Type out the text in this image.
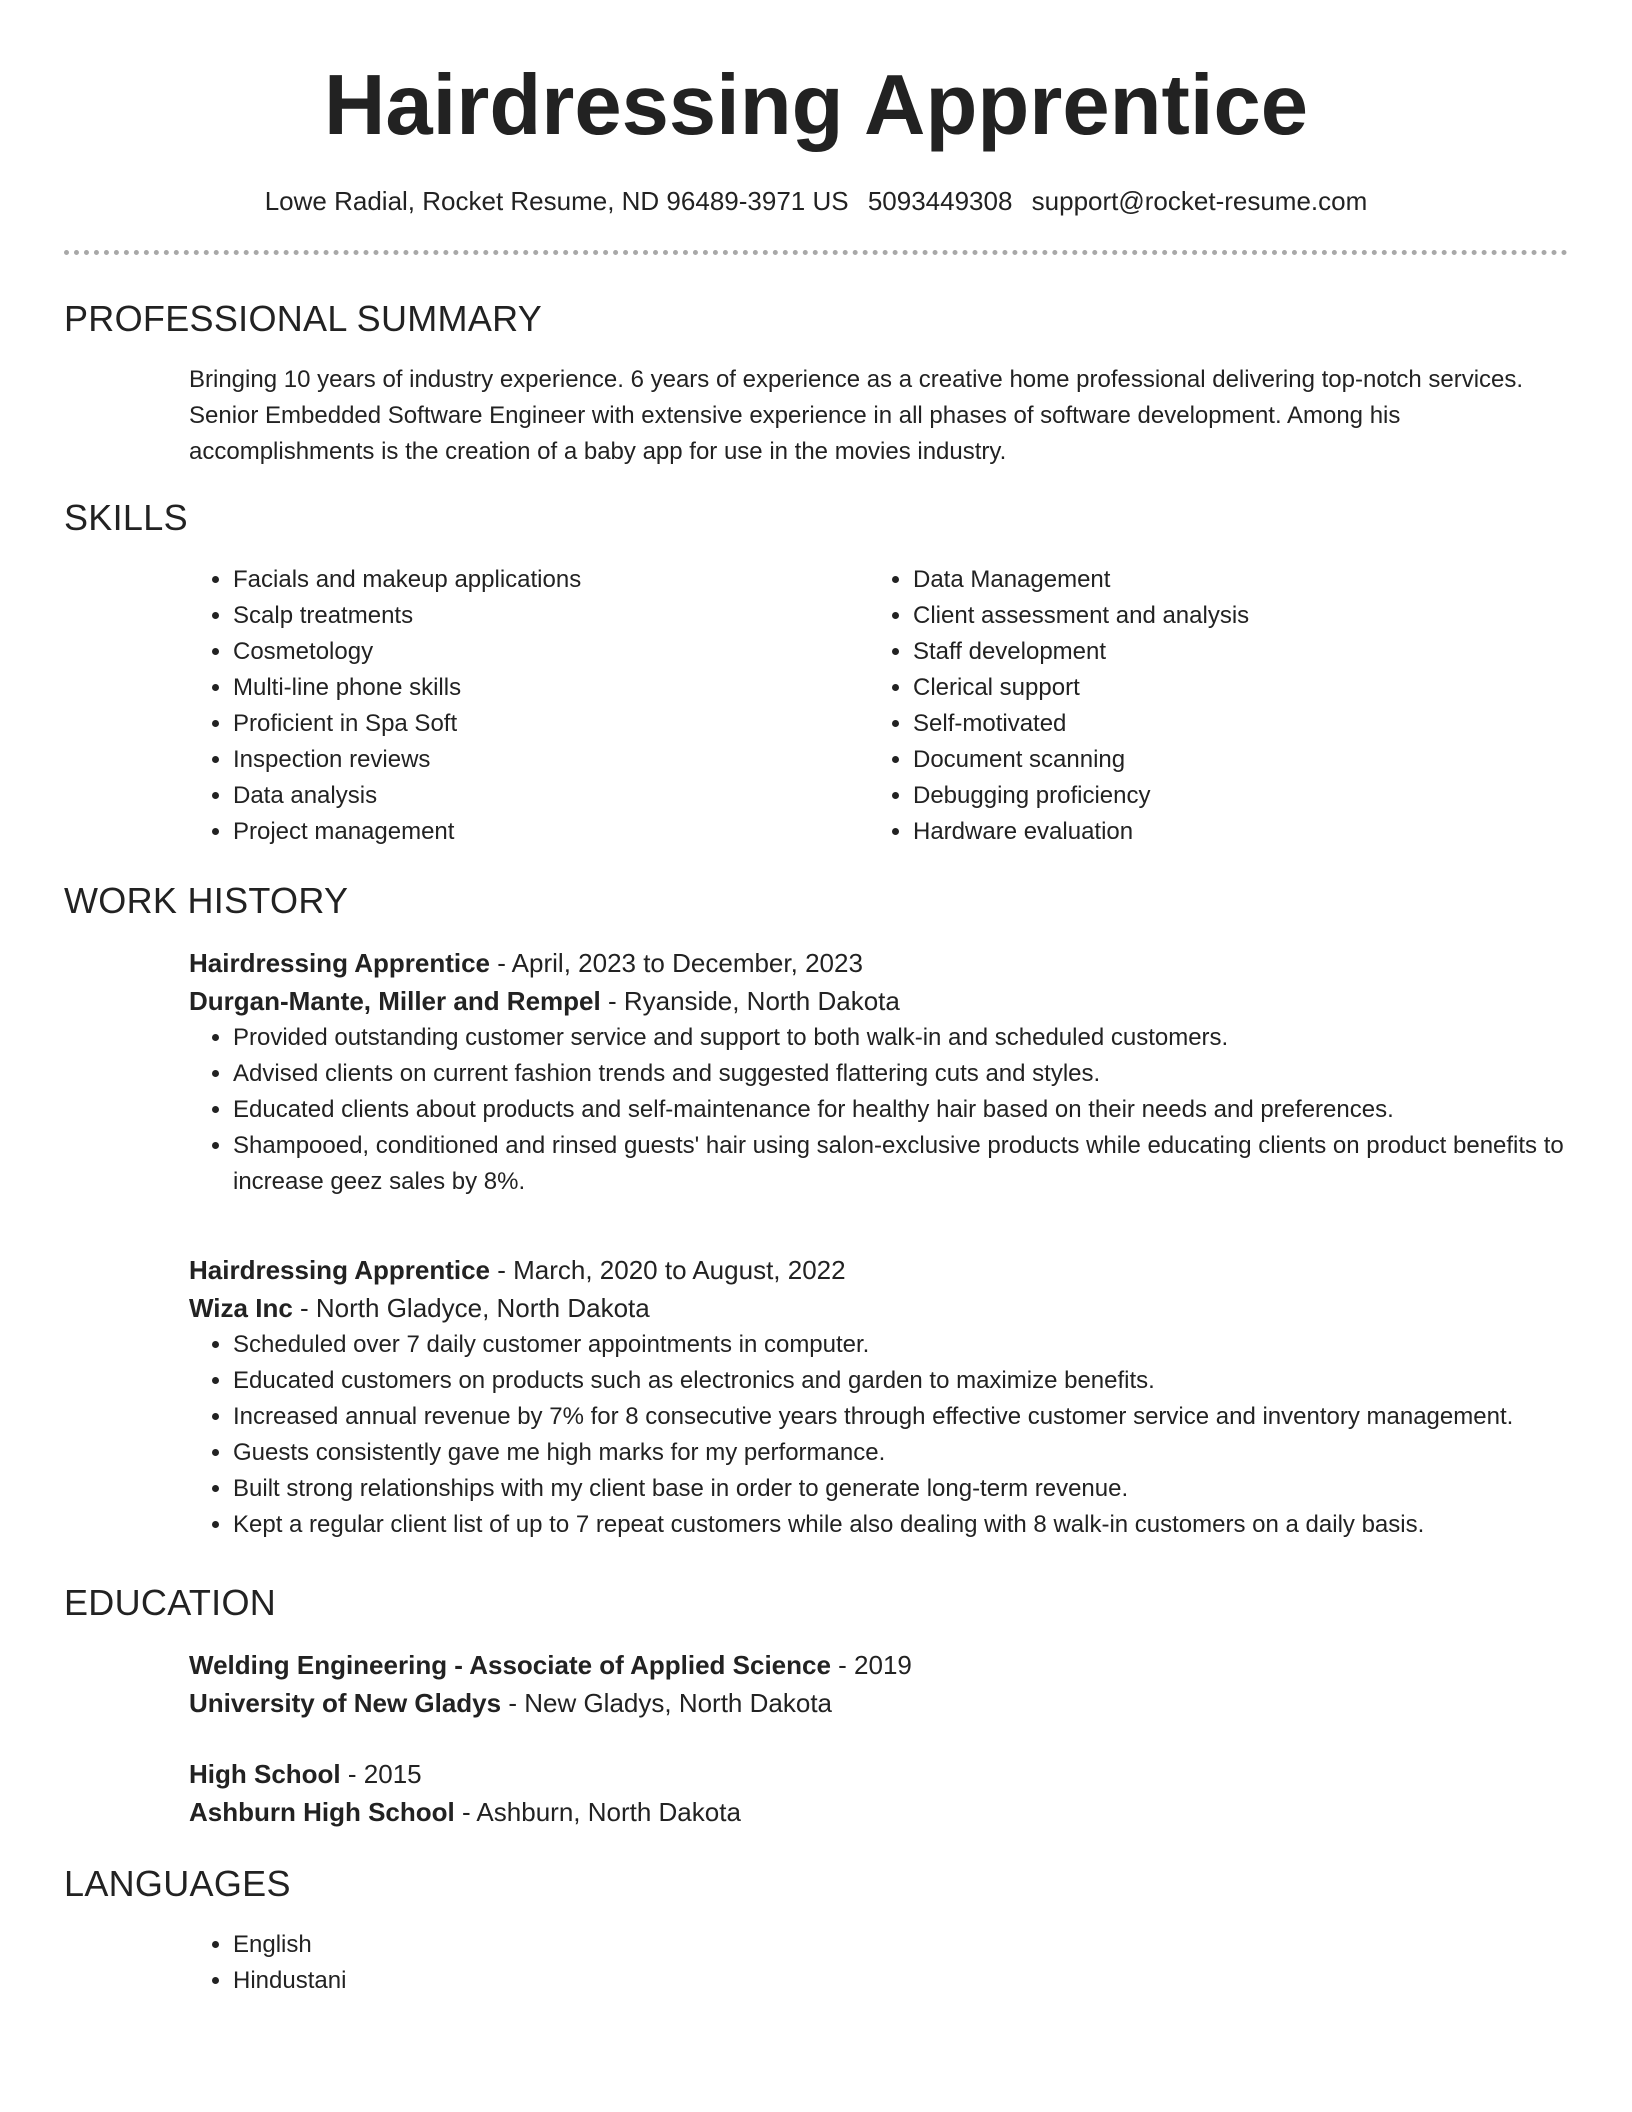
Hairdressing Apprentice
Lowe Radial, Rocket Resume, ND 96489-3971 US 5093449308 support@rocket-resume.com
PROFESSIONAL SUMMARY

Bringing 10 years of industry experience. 6 years of experience as a creative home professional delivering top-notch services. Senior Embedded Software Engineer with extensive experience in all phases of software development. Among his accomplishments is the creation of a baby app for use in the movies industry.

SKILLS
• Facials and makeup applications
• Scalp treatments
• Cosmetology
• Multi-line phone skills
• Proficient in Spa Soft
• Inspection reviews
• Data analysis
• Project management
• Data Management
• Client assessment and analysis
• Staff development
• Clerical support
• Self-motivated
• Document scanning
• Debugging proficiency
• Hardware evaluation
WORK HISTORY
Hairdressing Apprentice - April, 2023 to December, 2023
Durgan-Mante, Miller and Rempel - Ryanside, North Dakota
• Provided outstanding customer service and support to both walk-in and scheduled customers.
• Advised clients on current fashion trends and suggested flattering cuts and styles.
• Educated clients about products and self-maintenance for healthy hair based on their needs and preferences.
• Shampooed, conditioned and rinsed guests' hair using salon-exclusive products while educating clients on product benefits to increase geez sales by 8%.
Hairdressing Apprentice - March, 2020 to August, 2022
Wiza Inc - North Gladyce, North Dakota
• Scheduled over 7 daily customer appointments in computer.
• Educated customers on products such as electronics and garden to maximize benefits.
• Increased annual revenue by 7% for 8 consecutive years through effective customer service and inventory management.
• Guests consistently gave me high marks for my performance.
• Built strong relationships with my client base in order to generate long-term revenue.
• Kept a regular client list of up to 7 repeat customers while also dealing with 8 walk-in customers on a daily basis.
EDUCATION
Welding Engineering - Associate of Applied Science - 2019
University of New Gladys - New Gladys, North Dakota
High School - 2015
Ashburn High School - Ashburn, North Dakota
LANGUAGES
• English
• Hindustani
